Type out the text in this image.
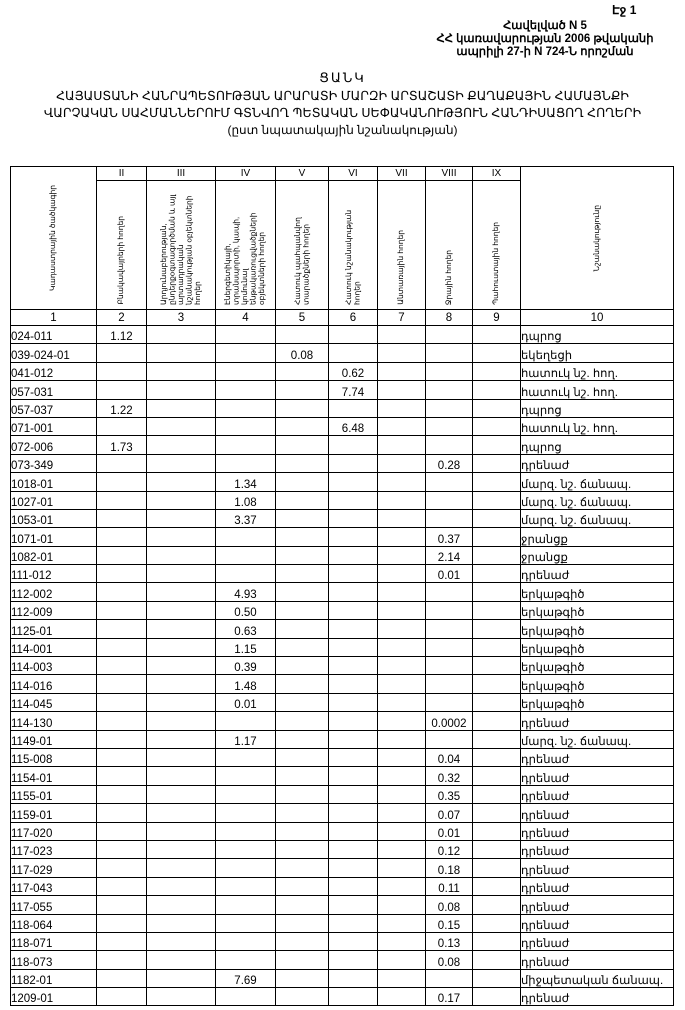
Էջ 1
Հավելված N 5
ՀՀ կառավարության 2006 թվականի
ապրիլի 27-ի N 724-Ն որոշման
ՑԱՆԿ
ՀԱՅԱՍՏԱՆԻ ՀԱՆՐԱՊԵՏՈՒԹՅԱՆ ԱՐԱՐԱՏԻ ՄԱՐԶԻ ԱՐՏԱՇԱՏԻ ՔԱՂԱՔԱՅԻՆ ՀԱՄԱՅՆՔԻ
ՎԱՐՉԱԿԱՆ ՍԱՀՄԱՆՆԵՐՈՒՄ ԳՏՆՎՈՂ ՊԵՏԱԿԱՆ ՍԵՓԱԿԱՆՈՒԹՅՈՒՆ ՀԱՆԴԻՍԱՑՈՂ ՀՈՂԵՐԻ
(ըստ նպատակային նշանակության)
Կադաստրային ծածկագիր	II	III	IV	V	VI	VII	VIII	IX	Նշանակությունը

	Բնակավայրերի հողեր	Արդյունաբերության, ընդերքօգտագործման և այլ արտադրական նշանակության օբյեկտների հողեր	Էներգետիկայի, տրանսպորտի, կապի, կոմունալ ենթակառուցվածքների օբյեկտների հողեր	Հատուկ պահպանվող տարածքների հողեր	Հատուկ նշանակության հողեր	Անտառային հողեր	Ջրային հողեր	Պահուստային հողեր	

1	2	3	4	5	6	7	8	9	10
024-011	1.12								դպրոց
039-024-01				0.08					եկեղեցի
041-012					0.62				հատուկ նշ. հող.
057-031					7.74				հատուկ նշ. հող.
057-037	1.22								դպրոց
071-001					6.48				հատուկ նշ. հող.
072-006	1.73								դպրոց
073-349							0.28		դրենաժ
1018-01			1.34						մարզ. նշ. ճանապ.
1027-01			1.08						մարզ. նշ. ճանապ.
1053-01			3.37						մարզ. նշ. ճանապ.
1071-01							0.37		ջրանցք
1082-01							2.14		ջրանցք
111-012							0.01		դրենաժ
112-002			4.93						երկաթգիծ
112-009			0.50						երկաթգիծ
1125-01			0.63						երկաթգիծ
114-001			1.15						երկաթգիծ
114-003			0.39						երկաթգիծ
114-016			1.48						երկաթգիծ
114-045			0.01						երկաթգիծ
114-130							0.0002		դրենաժ
1149-01			1.17						մարզ. նշ. ճանապ.
115-008							0.04		դրենաժ
1154-01							0.32		դրենաժ
1155-01							0.35		դրենաժ
1159-01							0.07		դրենաժ
117-020							0.01		դրենաժ
117-023							0.12		դրենաժ
117-029							0.18		դրենաժ
117-043							0.11		դրենաժ
117-055							0.08		դրենաժ
118-064							0.15		դրենաժ
118-071							0.13		դրենաժ
118-073							0.08		դրենաժ
1182-01			7.69						միջպետական ճանապ.
1209-01							0.17		դրենաժ
